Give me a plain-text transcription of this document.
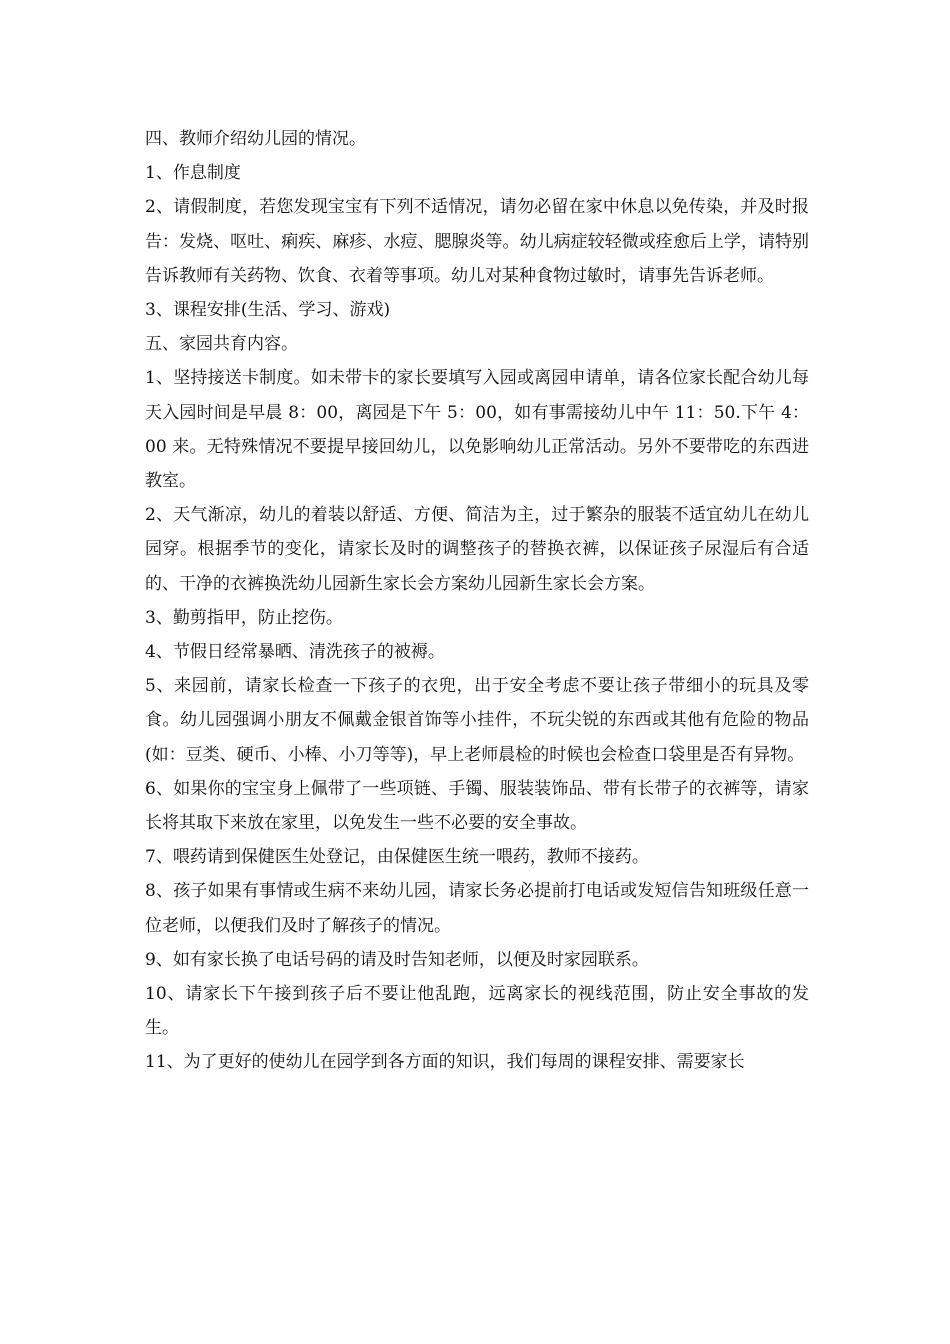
四、教师介绍幼儿园的情况。

1、作息制度

2、请假制度，若您发现宝宝有下列不适情况，请勿必留在家中休息以免传染，并及时报告：发烧、呕吐、痢疾、麻疹、水痘、腮腺炎等。幼儿病症较轻微或痊愈后上学，请特别告诉教师有关药物、饮食、衣着等事项。幼儿对某种食物过敏时，请事先告诉老师。

3、课程安排(生活、学习、游戏)

五、家园共育内容。

1、坚持接送卡制度。如未带卡的家长要填写入园或离园申请单，请各位家长配合幼儿每天入园时间是早晨 8：00，离园是下午 5：00，如有事需接幼儿中午 11：50.下午 4：00 来。无特殊情况不要提早接回幼儿，以免影响幼儿正常活动。另外不要带吃的东西进教室。

2、天气渐凉，幼儿的着装以舒适、方便、简洁为主，过于繁杂的服装不适宜幼儿在幼儿园穿。根据季节的变化，请家长及时的调整孩子的替换衣裤，以保证孩子尿湿后有合适的、干净的衣裤换洗幼儿园新生家长会方案幼儿园新生家长会方案。

3、勤剪指甲，防止挖伤。

4、节假日经常暴晒、清洗孩子的被褥。

5、来园前，请家长检查一下孩子的衣兜，出于安全考虑不要让孩子带细小的玩具及零食。幼儿园强调小朋友不佩戴金银首饰等小挂件，不玩尖锐的东西或其他有危险的物品(如：豆类、硬币、小棒、小刀等等)，早上老师晨检的时候也会检查口袋里是否有异物。

6、如果你的宝宝身上佩带了一些项链、手镯、服装装饰品、带有长带子的衣裤等，请家长将其取下来放在家里，以免发生一些不必要的安全事故。

7、喂药请到保健医生处登记，由保健医生统一喂药，教师不接药。

8、孩子如果有事情或生病不来幼儿园，请家长务必提前打电话或发短信告知班级任意一位老师，以便我们及时了解孩子的情况。

9、如有家长换了电话号码的请及时告知老师，以便及时家园联系。

10、请家长下午接到孩子后不要让他乱跑，远离家长的视线范围，防止安全事故的发生。

11、为了更好的使幼儿在园学到各方面的知识，我们每周的课程安排、需要家长
